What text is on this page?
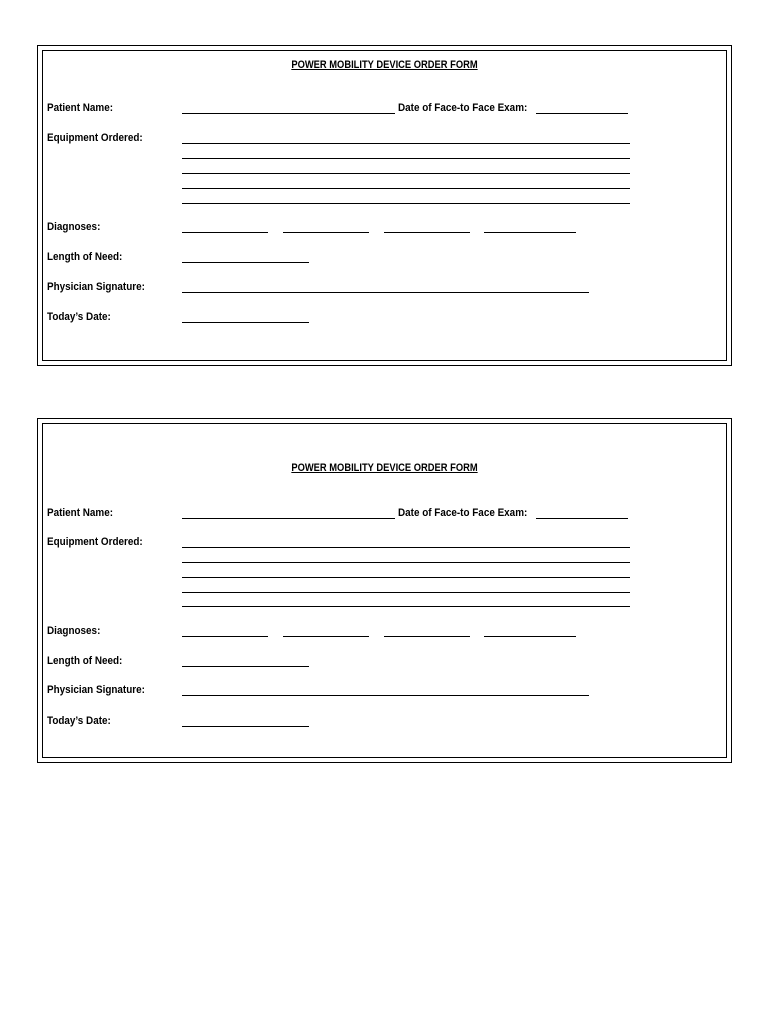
POWER MOBILITY DEVICE ORDER FORM
Patient Name:	Date of Face-to Face Exam:
Equipment Ordered:
Diagnoses:
Length of Need:
Physician Signature:
Today’s Date:
POWER MOBILITY DEVICE ORDER FORM
Patient Name:	Date of Face-to Face Exam:
Equipment Ordered:
Diagnoses:
Length of Need:
Physician Signature:
Today’s Date:
